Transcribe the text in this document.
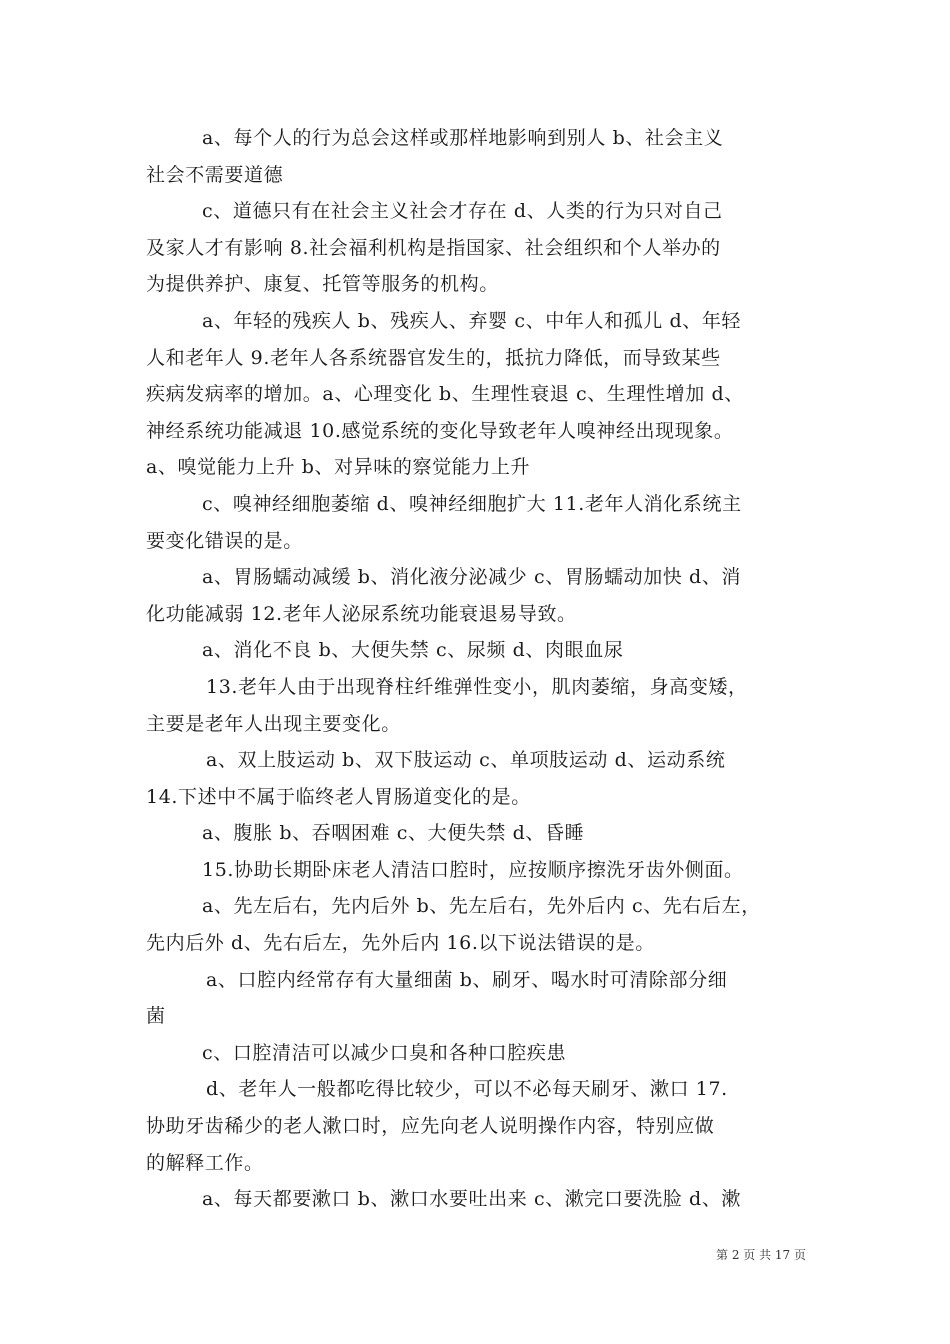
a、每个人的行为总会这样或那样地影响到别人 b、社会主义
社会不需要道德
c、道德只有在社会主义社会才存在 d、人类的行为只对自己
及家人才有影响 8.社会福利机构是指国家、社会组织和个人举办的
为提供养护、康复、托管等服务的机构。
a、年轻的残疾人 b、残疾人、弃婴 c、中年人和孤儿 d、年轻
人和老年人 9.老年人各系统器官发生的，抵抗力降低，而导致某些
疾病发病率的增加。a、心理变化 b、生理性衰退 c、生理性增加 d、
神经系统功能减退 10.感觉系统的变化导致老年人嗅神经出现现象。
a、嗅觉能力上升 b、对异味的察觉能力上升
c、嗅神经细胞萎缩 d、嗅神经细胞扩大 11.老年人消化系统主
要变化错误的是。
a、胃肠蠕动减缓 b、消化液分泌减少 c、胃肠蠕动加快 d、消
化功能减弱 12.老年人泌尿系统功能衰退易导致。
a、消化不良 b、大便失禁 c、尿频 d、肉眼血尿
13.老年人由于出现脊柱纤维弹性变小，肌肉萎缩，身高变矮，
主要是老年人出现主要变化。
a、双上肢运动 b、双下肢运动 c、单项肢运动 d、运动系统
14.下述中不属于临终老人胃肠道变化的是。
a、腹胀 b、吞咽困难 c、大便失禁 d、昏睡
15.协助长期卧床老人清洁口腔时，应按顺序擦洗牙齿外侧面。
a、先左后右，先内后外 b、先左后右，先外后内 c、先右后左，
先内后外 d、先右后左，先外后内 16.以下说法错误的是。
a、口腔内经常存有大量细菌 b、刷牙、喝水时可清除部分细
菌
c、口腔清洁可以减少口臭和各种口腔疾患
d、老年人一般都吃得比较少，可以不必每天刷牙、漱口 17.
协助牙齿稀少的老人漱口时，应先向老人说明操作内容，特别应做
的解释工作。
a、每天都要漱口 b、漱口水要吐出来 c、漱完口要洗脸 d、漱
第 2 页 共 17 页
